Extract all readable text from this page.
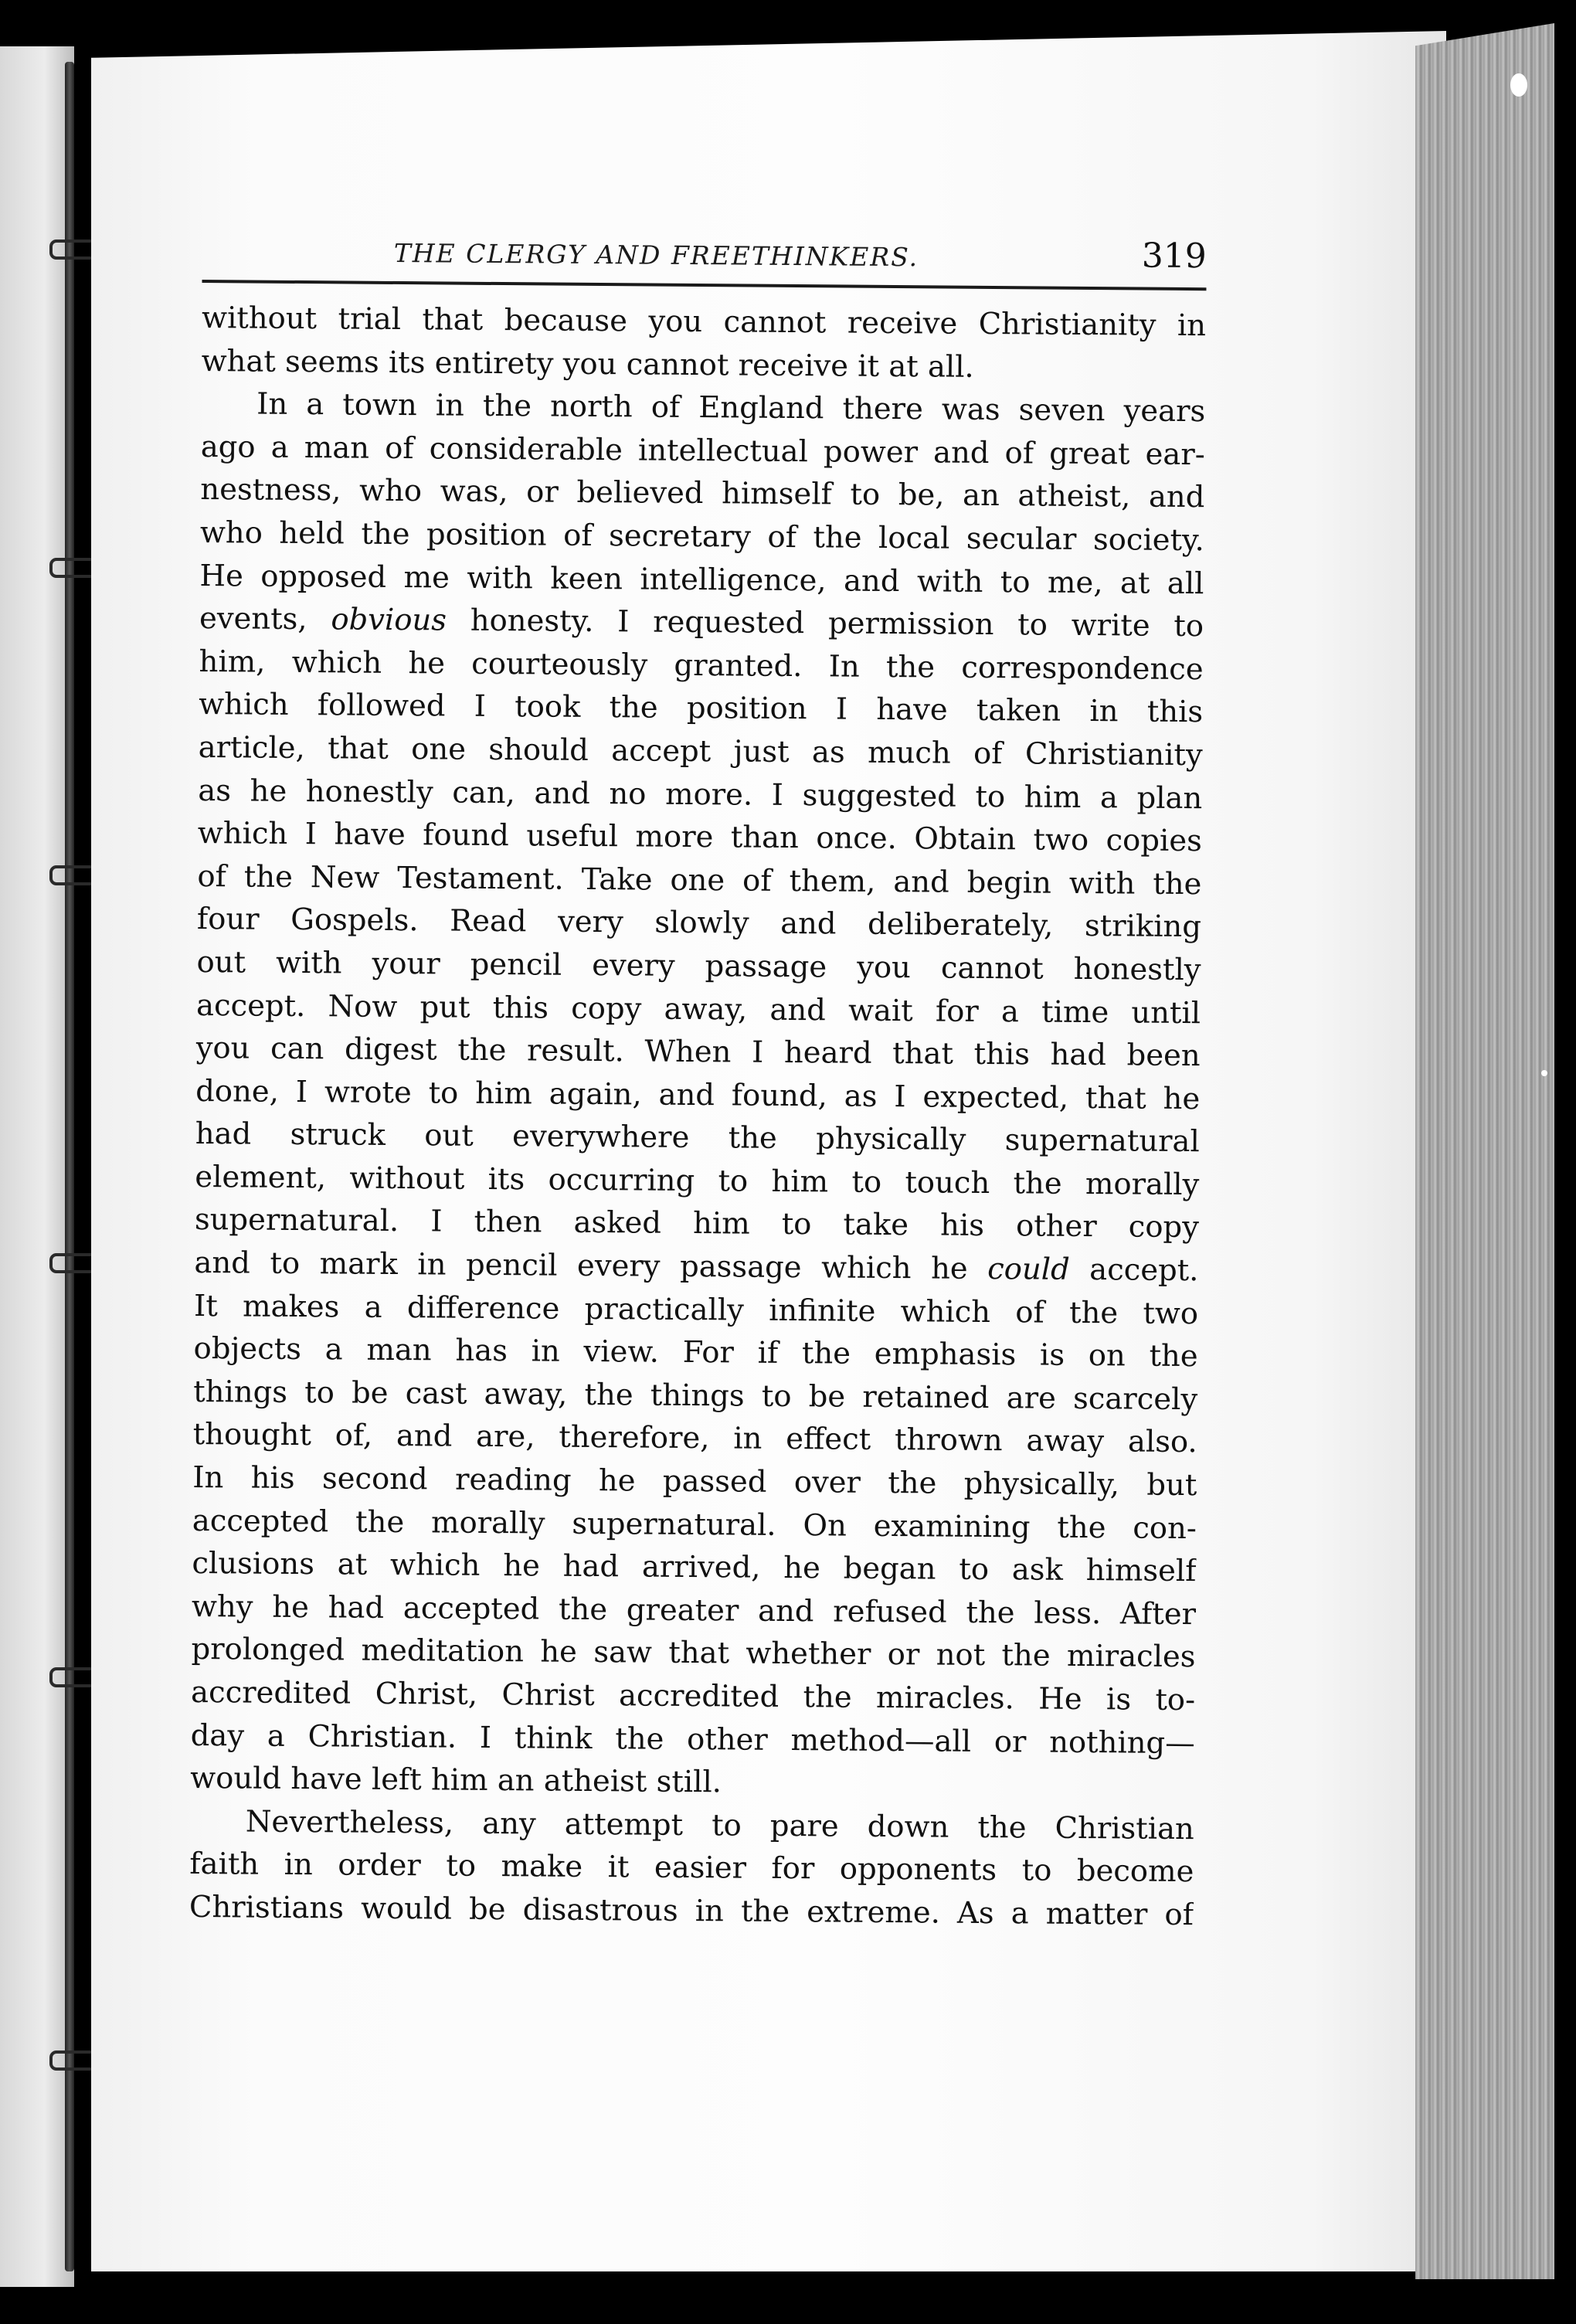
THE CLERGY AND FREETHINKERS.	319
without trial that because you cannot receive Christianity in
what seems its entirety you cannot receive it at all.
In a town in the north of England there was seven years
ago a man of considerable intellectual power and of great ear-
nestness, who was, or believed himself to be, an atheist, and
who held the position of secretary of the local secular society.
He opposed me with keen intelligence, and with to me, at all
events, obvious honesty. I requested permission to write to
him, which he courteously granted. In the correspondence
which followed I took the position I have taken in this
article, that one should accept just as much of Christianity
as he honestly can, and no more. I suggested to him a plan
which I have found useful more than once. Obtain two copies
of the New Testament. Take one of them, and begin with the
four Gospels. Read very slowly and deliberately, striking
out with your pencil every passage you cannot honestly
accept. Now put this copy away, and wait for a time until
you can digest the result. When I heard that this had been
done, I wrote to him again, and found, as I expected, that he
had struck out everywhere the physically supernatural
element, without its occurring to him to touch the morally
supernatural. I then asked him to take his other copy
and to mark in pencil every passage which he could accept.
It makes a difference practically infinite which of the two
objects a man has in view. For if the emphasis is on the
things to be cast away, the things to be retained are scarcely
thought of, and are, therefore, in effect thrown away also.
In his second reading he passed over the physically, but
accepted the morally supernatural. On examining the con-
clusions at which he had arrived, he began to ask himself
why he had accepted the greater and refused the less. After
prolonged meditation he saw that whether or not the miracles
accredited Christ, Christ accredited the miracles. He is to-
day a Christian. I think the other method—all or nothing—
would have left him an atheist still.
Nevertheless, any attempt to pare down the Christian
faith in order to make it easier for opponents to become
Christians would be disastrous in the extreme. As a matter of
